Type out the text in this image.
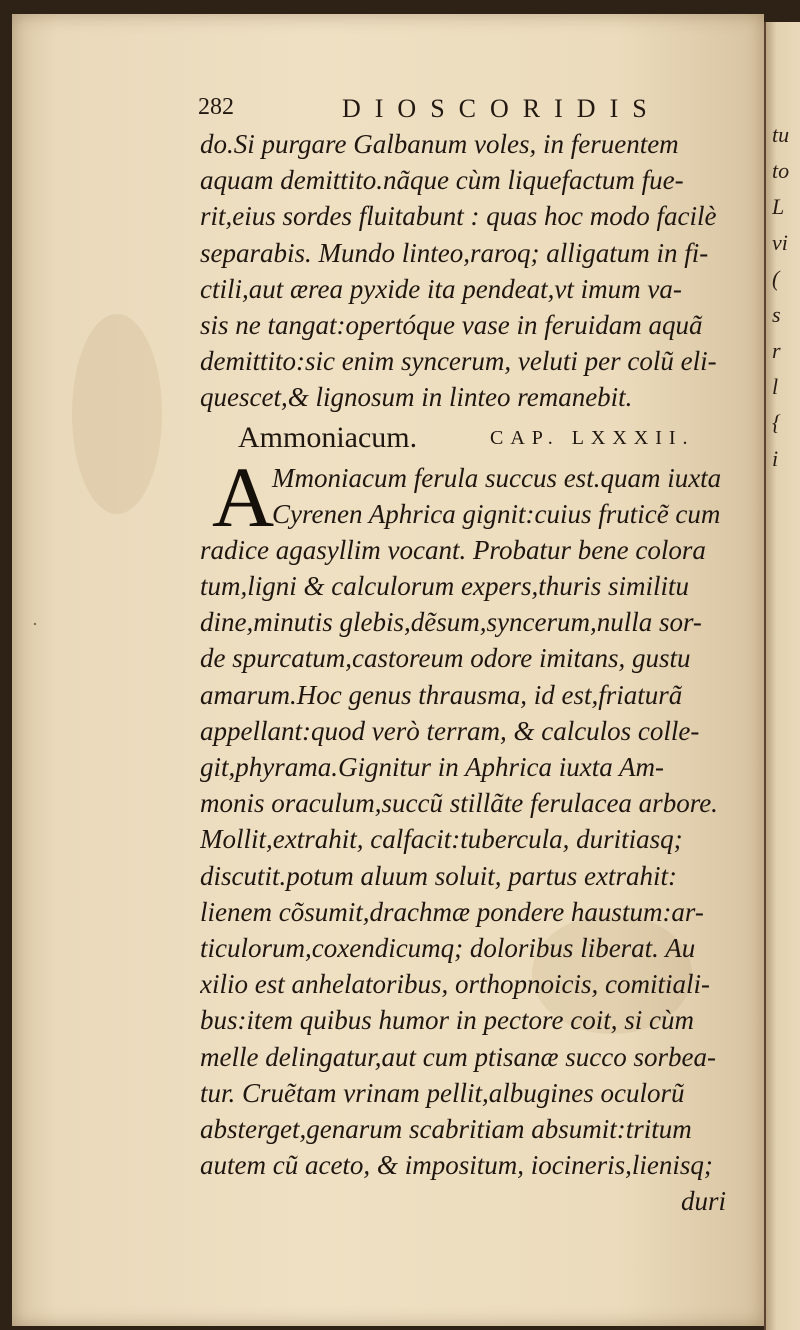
tu
to
L
vi
(
s
r
l
{
i
·
282	DIOSCORIDIS
do.Si purgare Galbanum voles, in feruentem
aquam demittito.nãque cùm liquefactum fue-
rit,eius sordes fluitabunt : quas hoc modo facilè
separabis. Mundo linteo,raroq; alligatum in fi-
ctili,aut ærea pyxide ita pendeat,vt imum va-
sis ne tangat:opertóque vase in feruidam aquã
demittito:sic enim syncerum, veluti per colũ eli-
quescet,& lignosum in linteo remanebit.
Ammoniacum.	CAP. LXXXII.
A
Mmoniacum ferula succus est.quam iuxta
Cyrenen Aphrica gignit:cuius fruticẽ cum
radice agasyllim vocant. Probatur bene colora
tum,ligni & calculorum expers,thuris similitu
dine,minutis glebis,dẽsum,syncerum,nulla sor-
de spurcatum,castoreum odore imitans, gustu
amarum.Hoc genus thrausma, id est,friaturã
appellant:quod verò terram, & calculos colle-
git,phyrama.Gignitur in Aphrica iuxta Am-
monis oraculum,succũ stillãte ferulacea arbore.
Mollit,extrahit, calfacit:tubercula, duritiasq;
discutit.potum aluum soluit, partus extrahit:
lienem cõsumit,drachmæ pondere haustum:ar-
ticulorum,coxendicumq; doloribus liberat. Au
xilio est anhelatoribus, orthopnoicis, comitiali-
bus:item quibus humor in pectore coit, si cùm
melle delingatur,aut cum ptisanæ succo sorbea-
tur. Cruẽtam vrinam pellit,albugines oculorũ
absterget,genarum scabritiam absumit:tritum
autem cũ aceto, & impositum, iocineris,lienisq;
duri
